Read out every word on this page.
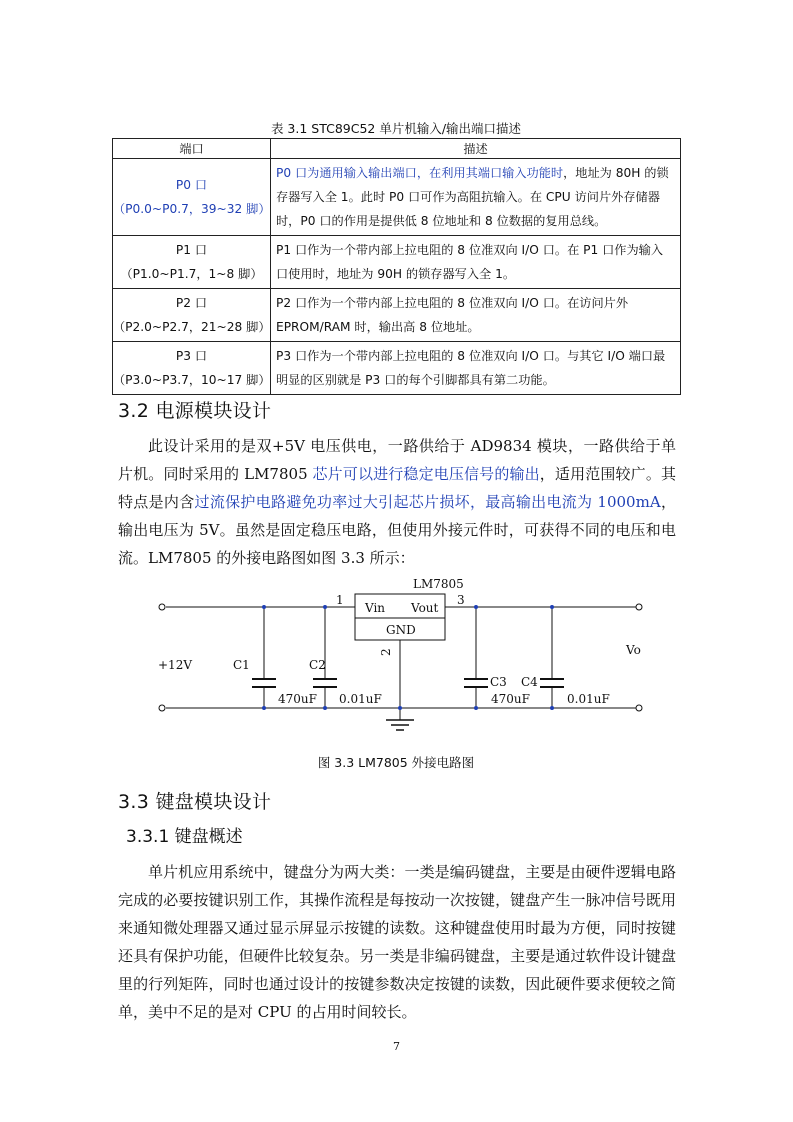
表 3.1 STC89C52 单片机输入/输出端口描述
端口	描述

P0 口
（P0.0~P0.7，39~32 脚）	P0 口为通用输入输出端口，在利用其端口输入功能时，地址为 80H 的锁存器写入全 1。此时 P0 口可作为高阻抗输入。在 CPU 访问片外存储器时，P0 口的作用是提供低 8 位地址和 8 位数据的复用总线。

P1 口
（P1.0~P1.7，1~8 脚）	P1 口作为一个带内部上拉电阻的 8 位准双向 I/O 口。在 P1 口作为输入口使用时，地址为 90H 的锁存器写入全 1。

P2 口
（P2.0~P2.7，21~28 脚）	P2 口作为一个带内部上拉电阻的 8 位准双向 I/O 口。在访问片外 EPROM/RAM 时，输出高 8 位地址。

P3 口
（P3.0~P3.7，10~17 脚）	P3 口作为一个带内部上拉电阻的 8 位准双向 I/O 口。与其它 I/O 端口最明显的区别就是 P3 口的每个引脚都具有第二功能。
3.2 电源模块设计

此设计采用的是双+5V 电压供电，一路供给于 AD9834 模块，一路供给于单片机。同时采用的 LM7805 芯片可以进行稳定电压信号的输出，适用范围较广。其特点是内含过流保护电路避免功率过大引起芯片损坏，最高输出电流为 1000mA，输出电压为 5V。虽然是固定稳压电路，但使用外接元件时，可获得不同的电压和电流。LM7805 的外接电路图如图 3.3 所示：

LM7805
Vin Vout
GND
1	3
2
+12V
Vo
C1
470uF
C2
0.01uF
C3
470uF
C4
0.01uF
图 3.3 LM7805 外接电路图
3.3 键盘模块设计
3.3.1 键盘概述

单片机应用系统中，键盘分为两大类：一类是编码键盘，主要是由硬件逻辑电路完成的必要按键识别工作，其操作流程是每按动一次按键，键盘产生一脉冲信号既用来通知微处理器又通过显示屏显示按键的读数。这种键盘使用时最为方便，同时按键还具有保护功能，但硬件比较复杂。另一类是非编码键盘，主要是通过软件设计键盘里的行列矩阵，同时也通过设计的按键参数决定按键的读数，因此硬件要求便较之简单，美中不足的是对 CPU 的占用时间较长。

7
